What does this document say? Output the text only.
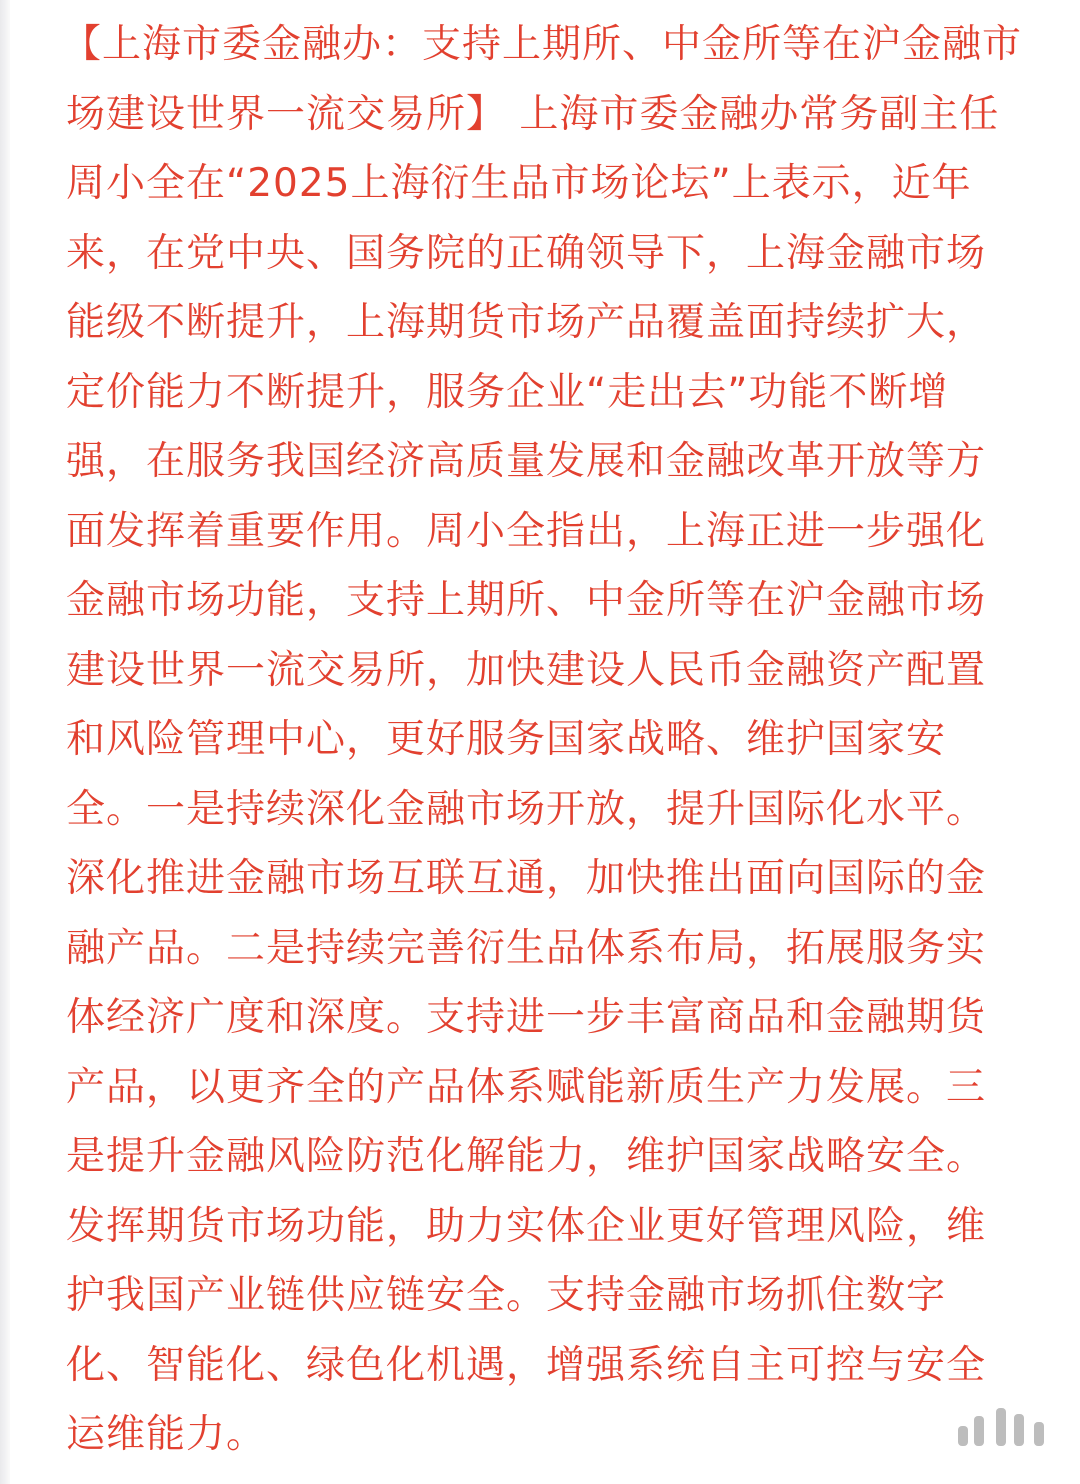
【上海市委金融办：支持上期所、中金所等在沪金融市
场建设世界一流交易所】 上海市委金融办常务副主任
周小全在“2025上海衍生品市场论坛”上表示，近年
来，在党中央、国务院的正确领导下，上海金融市场
能级不断提升，上海期货市场产品覆盖面持续扩大，
定价能力不断提升，服务企业“走出去”功能不断增
强，在服务我国经济高质量发展和金融改革开放等方
面发挥着重要作用。周小全指出，上海正进一步强化
金融市场功能，支持上期所、中金所等在沪金融市场
建设世界一流交易所，加快建设人民币金融资产配置
和风险管理中心，更好服务国家战略、维护国家安
全。一是持续深化金融市场开放，提升国际化水平。
深化推进金融市场互联互通，加快推出面向国际的金
融产品。二是持续完善衍生品体系布局，拓展服务实
体经济广度和深度。支持进一步丰富商品和金融期货
产品，以更齐全的产品体系赋能新质生产力发展。三
是提升金融风险防范化解能力，维护国家战略安全。
发挥期货市场功能，助力实体企业更好管理风险，维
护我国产业链供应链安全。支持金融市场抓住数字
化、智能化、绿色化机遇，增强系统自主可控与安全
运维能力。
